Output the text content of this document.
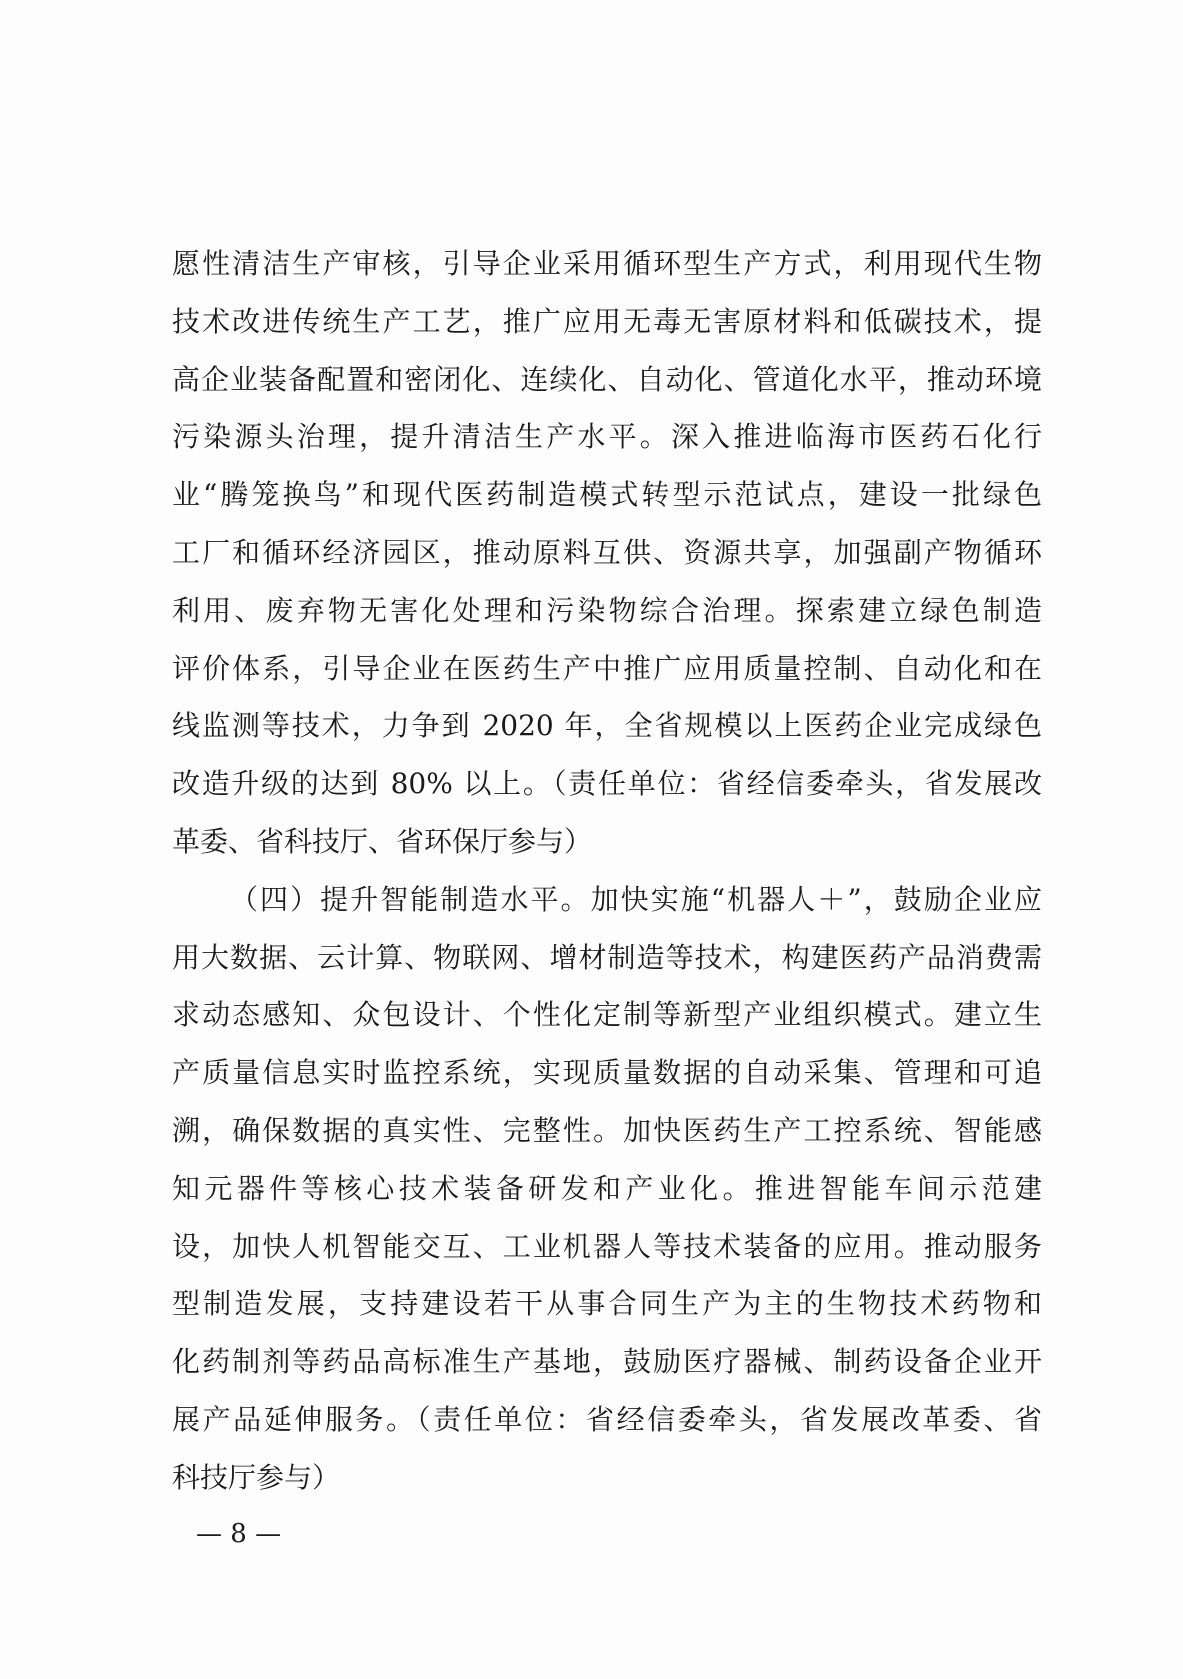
愿性清洁生产审核，引导企业采用循环型生产方式，利用现代生物
技术改进传统生产工艺，推广应用无毒无害原材料和低碳技术，提
高企业装备配置和密闭化、连续化、自动化、管道化水平，推动环境
污染源头治理，提升清洁生产水平。深入推进临海市医药石化行
业“腾笼换鸟”和现代医药制造模式转型示范试点，建设一批绿色
工厂和循环经济园区，推动原料互供、资源共享，加强副产物循环
利用、废弃物无害化处理和污染物综合治理。探索建立绿色制造
评价体系，引导企业在医药生产中推广应用质量控制、自动化和在
线监测等技术，力争到 2020 年，全省规模以上医药企业完成绿色
改造升级的达到 80% 以上。（责任单位：省经信委牵头，省发展改
革委、省科技厅、省环保厅参与）
（四）提升智能制造水平。加快实施“机器人＋”，鼓励企业应
用大数据、云计算、物联网、增材制造等技术，构建医药产品消费需
求动态感知、众包设计、个性化定制等新型产业组织模式。建立生
产质量信息实时监控系统，实现质量数据的自动采集、管理和可追
溯，确保数据的真实性、完整性。加快医药生产工控系统、智能感
知元器件等核心技术装备研发和产业化。推进智能车间示范建
设，加快人机智能交互、工业机器人等技术装备的应用。推动服务
型制造发展，支持建设若干从事合同生产为主的生物技术药物和
化药制剂等药品高标准生产基地，鼓励医疗器械、制药设备企业开
展产品延伸服务。（责任单位：省经信委牵头，省发展改革委、省
科技厅参与）
— 8 —
